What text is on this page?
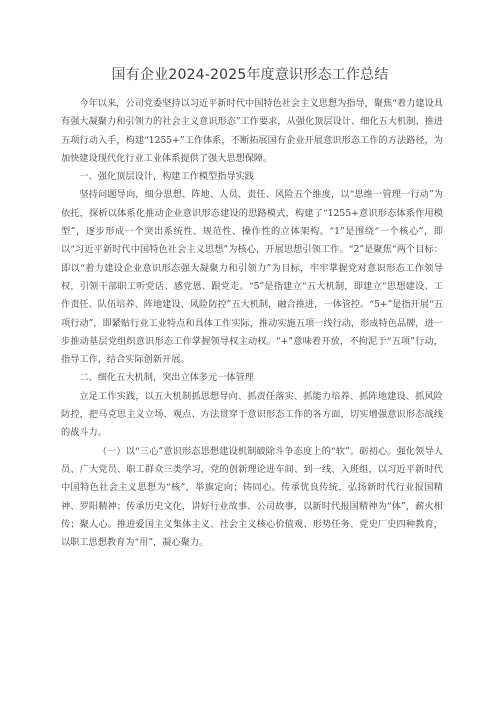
国有企业2024-2025年度意识形态工作总结

今年以来，公司党委坚持以习近平新时代中国特色社会主义思想为指导，聚焦“着力建设具有强大凝聚力和引领力的社会主义意识形态”工作要求，从强化顶层设计、细化五大机制、推进五项行动入手，构建“1255+”工作体系，不断拓展国有企业开展意识形态工作的方法路径，为加快建设现代化行业工业体系提供了强大思想保障。

一、强化顶层设计，构建工作模型指导实践

坚持问题导向，细分思想、阵地、人员、责任、风险五个维度，以“思维一管理一行动”为依托，探析以体系化推动企业意识形态建设的思路模式，构建了“1255+意识形态体系作用模型”，逐步形成一个突出系统性、规范性、操作性的立体架构。“1”是围绕“一个核心”，即以“习近平新时代中国特色社会主义思想”为核心，开展思想引领工作。“2”是聚焦“两个目标：即以“着力建设企业意识形态强大凝聚力和引领力”为目标，牢牢掌握党对意识形态工作领导权，引领干部职工听党话、感党恩、跟党走。“5”是指建立“五大机制，即建立“思想建设、工作责任、队伍培养、阵地建设、风险防控”五大机制，融合推进，一体管控。“5+”是指开展“五项行动”，即紧贴行业工业特点和具体工作实际，推动实施五项一线行动，形成特色品牌，进一步推动基层党组织意识形态工作掌握领导权主动权。“+”意味着开放，不拘泥于“五项”行动，指导工作，结合实际创新开展。

二、细化五大机制，突出立体多元一体管理

立足工作实践，以五大机制抓思想导向、抓责任落实、抓能力培养、抓阵地建设、抓风险防控，把马克思主义立场、观点、方法贯穿于意识形态工作的各方面，切实增强意识形态战线的战斗力。

（一）以“三心”意识形态思想建设机制破除斗争态度上的“软”。砺初心。强化领导人员、广大党员、职工群众三类学习，党的创新理论进车间、到一线、入班组，以习近平新时代中国特色社会主义思想为“核”，举旗定向；铸同心。传承优良传统，弘扬新时代行业报国精神、罗阳精神；传承历史文化，讲好行业故事、公司故事，以新时代报国精神为“体”，薪火相传；聚人心。推进爱国主义集体主义、社会主义核心价值观、形势任务、党史厂史四种教育，以职工思想教育为“用”，凝心聚力。
